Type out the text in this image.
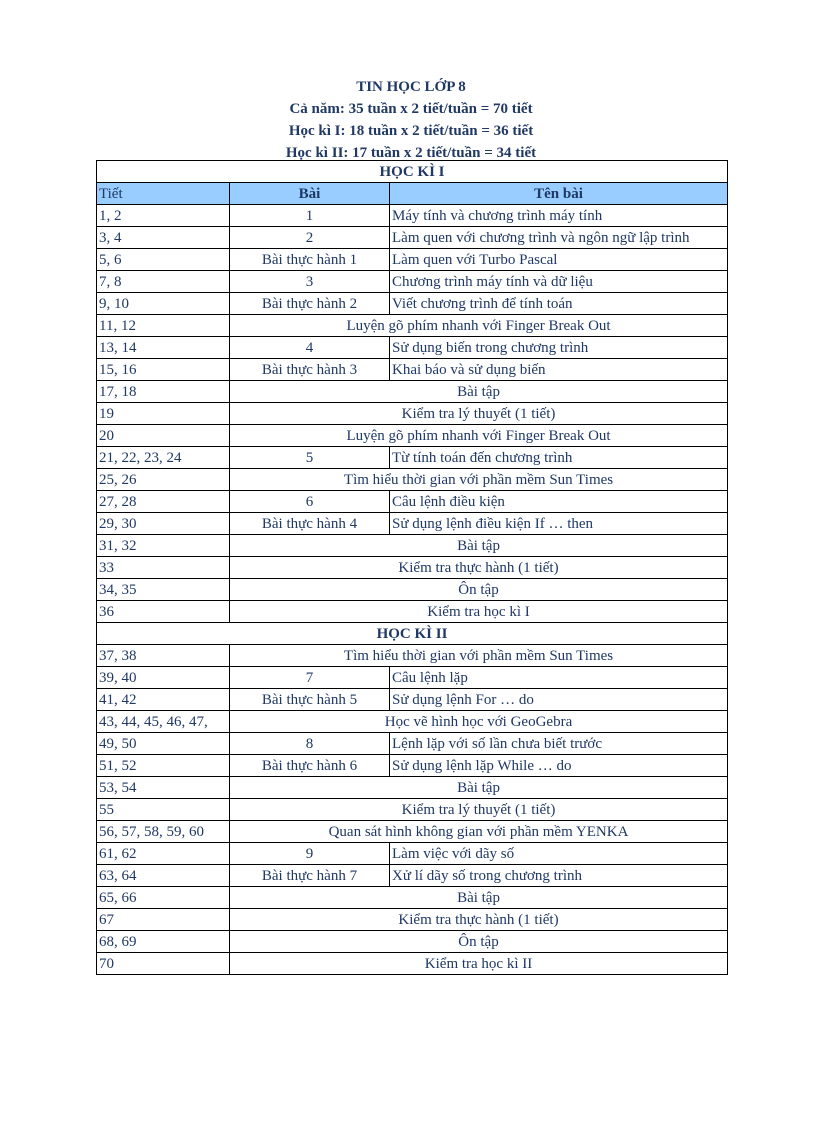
TIN HỌC LỚP 8
Cả năm: 35 tuần x 2 tiết/tuần = 70 tiết
Học kì I: 18 tuần x 2 tiết/tuần = 36 tiết
Học kì II: 17 tuần x 2 tiết/tuần = 34 tiết
HỌC KÌ I		
Tiết	Bài	Tên bài
1, 2	1	Máy tính và chương trình máy tính
3, 4	2	Làm quen với chương trình và ngôn ngữ lập trình
5, 6	Bài thực hành 1	Làm quen với Turbo Pascal
7, 8	3	Chương trình máy tính và dữ liệu
9, 10	Bài thực hành 2	Viết chương trình để tính toán
11, 12	Luyện gõ phím nhanh với Finger Break Out	
13, 14	4	Sử dụng biến trong chương trình
15, 16	Bài thực hành 3	Khai báo và sử dụng biến
17, 18	Bài tập	
19	Kiểm tra lý thuyết (1 tiết)	
20	Luyện gõ phím nhanh với Finger Break Out	
21, 22, 23, 24	5	Từ tính toán đến chương trình
25, 26	Tìm hiểu thời gian với phần mềm Sun Times	
27, 28	6	Câu lệnh điều kiện
29, 30	Bài thực hành 4	Sử dụng lệnh điều kiện If … then
31, 32	Bài tập	
33	Kiểm tra thực hành (1 tiết)	
34, 35	Ôn tập	
36	Kiểm tra học kì I	
HỌC KÌ II		
37, 38	Tìm hiểu thời gian với phần mềm Sun Times	
39, 40	7	Câu lệnh lặp
41, 42	Bài thực hành 5	Sử dụng lệnh For … do
43, 44, 45, 46, 47,	Học vẽ hình học với GeoGebra	
49, 50	8	Lệnh lặp với số lần chưa biết trước
51, 52	Bài thực hành 6	Sử dụng lệnh lặp While … do
53, 54	Bài tập	
55	Kiểm tra lý thuyết (1 tiết)	
56, 57, 58, 59, 60	Quan sát hình không gian với phần mềm YENKA	
61, 62	9	Làm việc với dãy số
63, 64	Bài thực hành 7	Xử lí dãy số trong chương trình
65, 66	Bài tập	
67	Kiểm tra thực hành (1 tiết)	
68, 69	Ôn tập	
70	Kiểm tra học kì II	
